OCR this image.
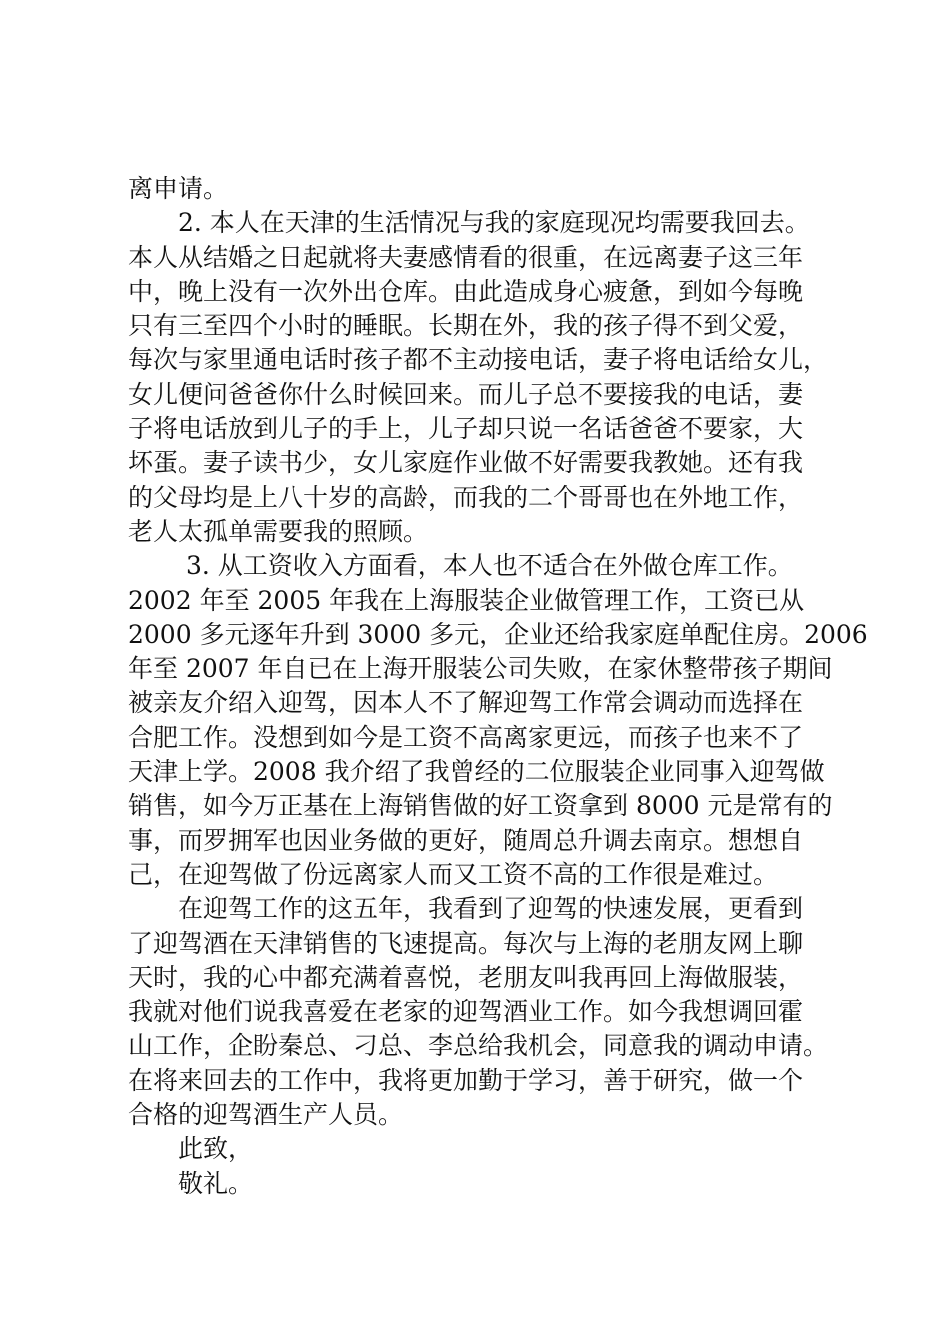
离申请。
　　2. 本人在天津的生活情况与我的家庭现况均需要我回去。
本人从结婚之日起就将夫妻感情看的很重，在远离妻子这三年
中，晚上没有一次外出仓库。由此造成身心疲惫，到如今每晚
只有三至四个小时的睡眠。长期在外，我的孩子得不到父爱，
每次与家里通电话时孩子都不主动接电话，妻子将电话给女儿，
女儿便问爸爸你什么时候回来。而儿子总不要接我的电话，妻
子将电话放到儿子的手上，儿子却只说一名话爸爸不要家，大
坏蛋。妻子读书少，女儿家庭作业做不好需要我教她。还有我
的父母均是上八十岁的高龄，而我的二个哥哥也在外地工作，
老人太孤单需要我的照顾。
　　 3. 从工资收入方面看，本人也不适合在外做仓库工作。
2002 年至 2005 年我在上海服装企业做管理工作，工资已从
2000 多元逐年升到 3000 多元，企业还给我家庭单配住房。2006
年至 2007 年自已在上海开服装公司失败，在家休整带孩子期间
被亲友介绍入迎驾，因本人不了解迎驾工作常会调动而选择在
合肥工作。没想到如今是工资不高离家更远，而孩子也来不了
天津上学。2008 我介绍了我曾经的二位服装企业同事入迎驾做
销售，如今万正基在上海销售做的好工资拿到 8000 元是常有的
事，而罗拥军也因业务做的更好，随周总升调去南京。想想自
己，在迎驾做了份远离家人而又工资不高的工作很是难过。
　　在迎驾工作的这五年，我看到了迎驾的快速发展，更看到
了迎驾酒在天津销售的飞速提高。每次与上海的老朋友网上聊
天时，我的心中都充满着喜悦，老朋友叫我再回上海做服装，
我就对他们说我喜爱在老家的迎驾酒业工作。如今我想调回霍
山工作，企盼秦总、刁总、李总给我机会，同意我的调动申请。
在将来回去的工作中，我将更加勤于学习，善于研究，做一个
合格的迎驾酒生产人员。
　　此致，
　　敬礼。
